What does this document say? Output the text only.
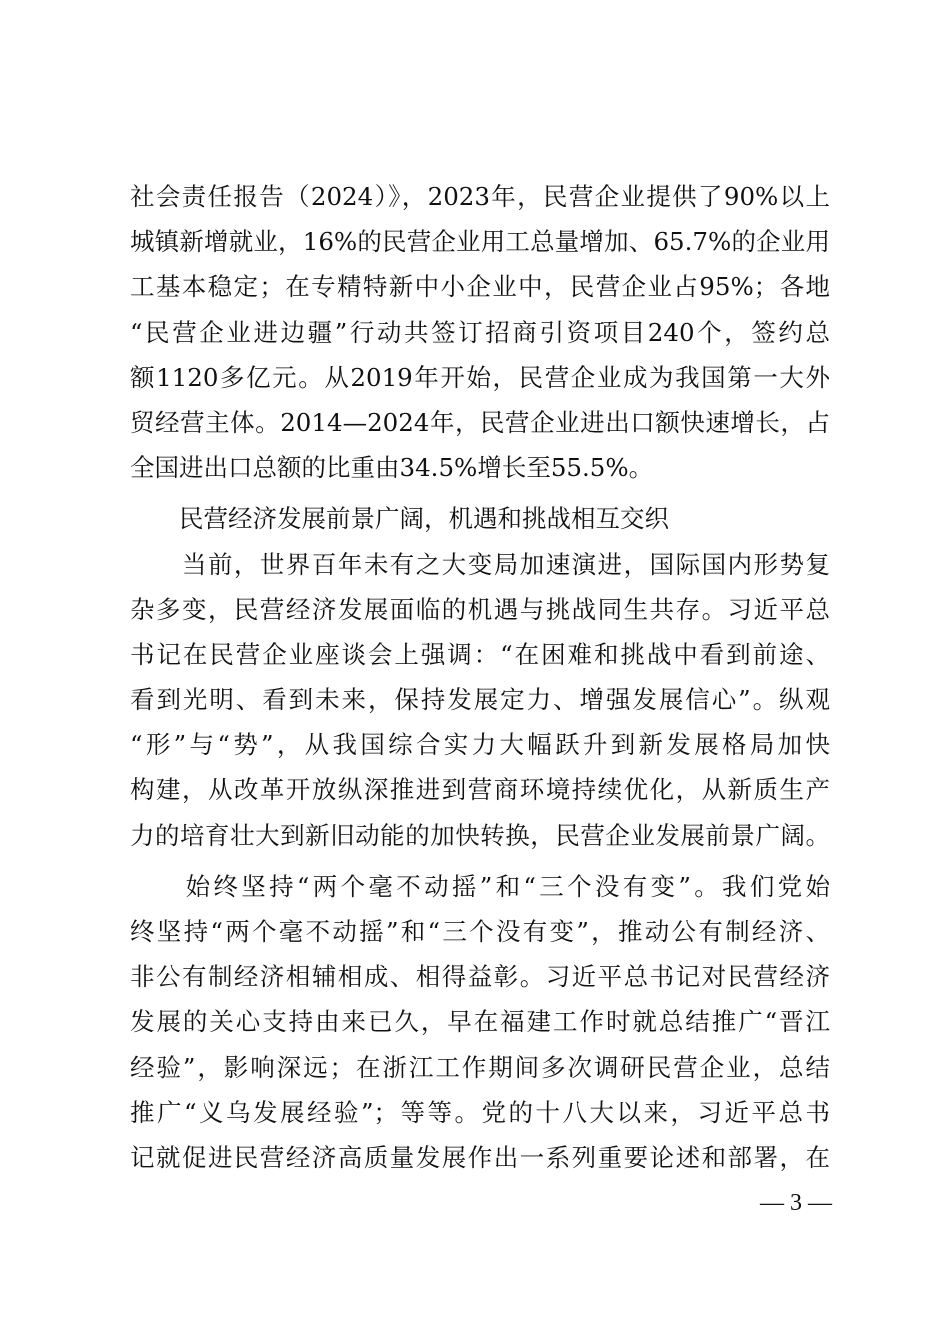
社会责任报告（2024）》，2023年，民营企业提供了90%以上
城镇新增就业，16%的民营企业用工总量增加、65.7%的企业用
工基本稳定；在专精特新中小企业中，民营企业占95%；各地
“民营企业进边疆”行动共签订招商引资项目240个，签约总
额1120多亿元。从2019年开始，民营企业成为我国第一大外
贸经营主体。2014—2024年，民营企业进出口额快速增长，占
全国进出口总额的比重由34.5%增长至55.5%。
　　民营经济发展前景广阔，机遇和挑战相互交织
　　当前，世界百年未有之大变局加速演进，国际国内形势复
杂多变，民营经济发展面临的机遇与挑战同生共存。习近平总
书记在民营企业座谈会上强调：“在困难和挑战中看到前途、
看到光明、看到未来，保持发展定力、增强发展信心”。纵观
“形”与“势”，从我国综合实力大幅跃升到新发展格局加快
构建，从改革开放纵深推进到营商环境持续优化，从新质生产
力的培育壮大到新旧动能的加快转换，民营企业发展前景广阔。
　　始终坚持“两个毫不动摇”和“三个没有变”。我们党始
终坚持“两个毫不动摇”和“三个没有变”，推动公有制经济、
非公有制经济相辅相成、相得益彰。习近平总书记对民营经济
发展的关心支持由来已久，早在福建工作时就总结推广“晋江
经验”，影响深远；在浙江工作期间多次调研民营企业，总结
推广“义乌发展经验”；等等。党的十八大以来，习近平总书
记就促进民营经济高质量发展作出一系列重要论述和部署，在
— 3 —
